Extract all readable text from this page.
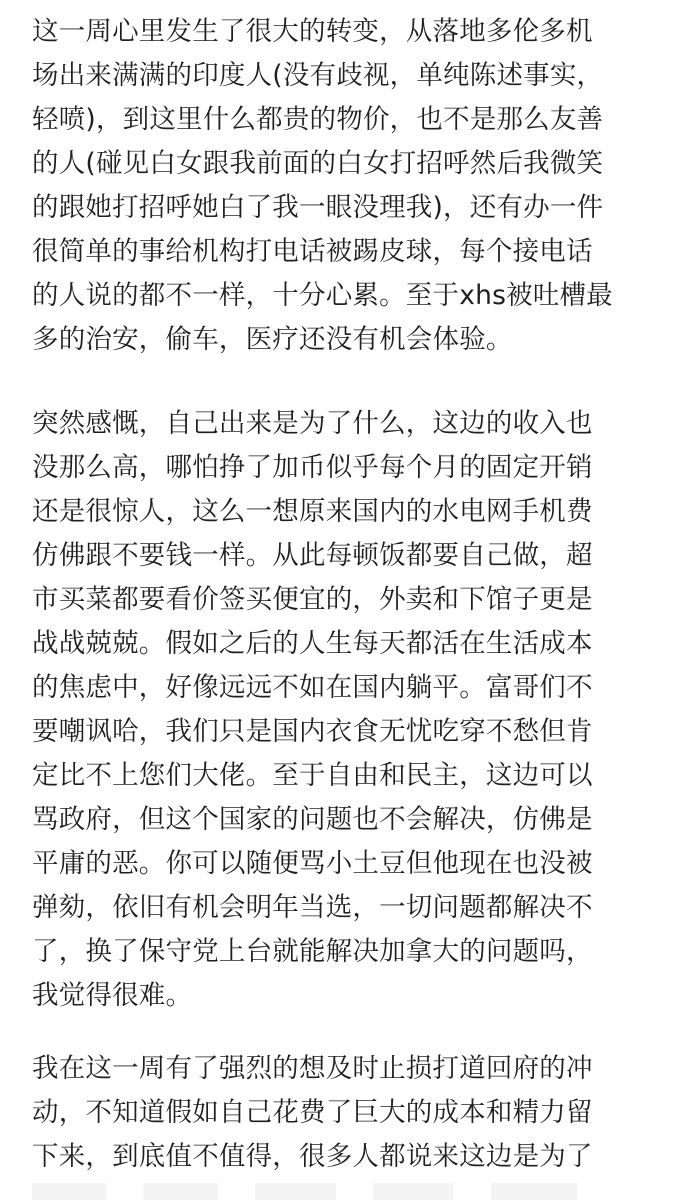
这一周心里发生了很大的转变，从落地多伦多机
场出来满满的印度人(没有歧视，单纯陈述事实，
轻喷)，到这里什么都贵的物价，也不是那么友善
的人(碰见白女跟我前面的白女打招呼然后我微笑
的跟她打招呼她白了我一眼没理我)，还有办一件
很简单的事给机构打电话被踢皮球，每个接电话
的人说的都不一样，十分心累。至于xhs被吐槽最
多的治安，偷车，医疗还没有机会体验。
突然感慨，自己出来是为了什么，这边的收入也
没那么高，哪怕挣了加币似乎每个月的固定开销
还是很惊人，这么一想原来国内的水电网手机费
仿佛跟不要钱一样。从此每顿饭都要自己做，超
市买菜都要看价签买便宜的，外卖和下馆子更是
战战兢兢。假如之后的人生每天都活在生活成本
的焦虑中，好像远远不如在国内躺平。富哥们不
要嘲讽哈，我们只是国内衣食无忧吃穿不愁但肯
定比不上您们大佬。至于自由和民主，这边可以
骂政府，但这个国家的问题也不会解决，仿佛是
平庸的恶。你可以随便骂小土豆但他现在也没被
弹劾，依旧有机会明年当选，一切问题都解决不
了，换了保守党上台就能解决加拿大的问题吗，
我觉得很难。
我在这一周有了强烈的想及时止损打道回府的冲
动，不知道假如自己花费了巨大的成本和精力留
下来，到底值不值得，很多人都说来这边是为了
